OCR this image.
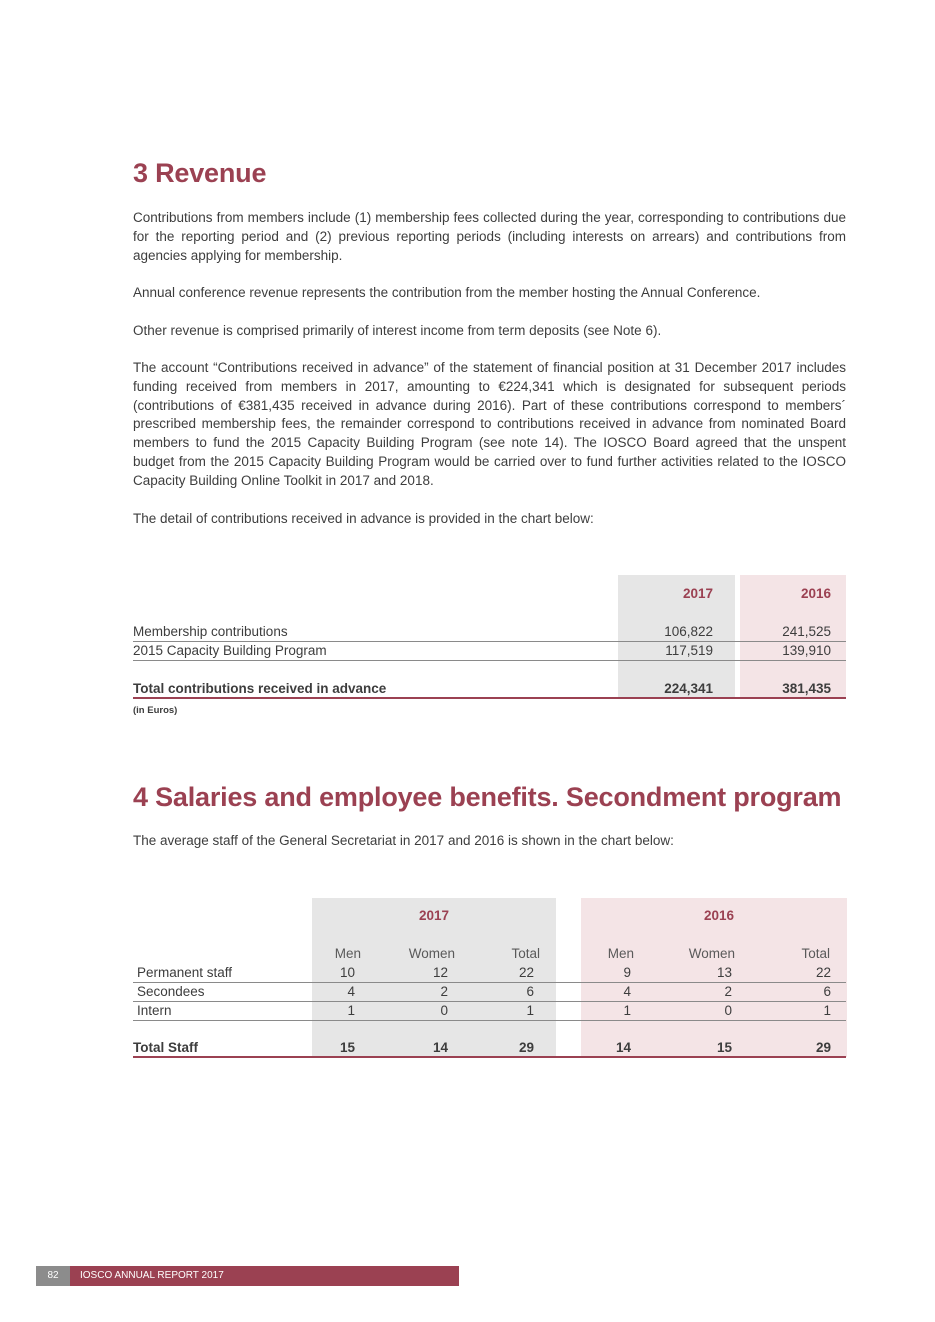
3 Revenue

Contributions from members include (1) membership fees collected during the year, corresponding to contributions due for the reporting period and (2) previous reporting periods (including interests on arrears) and contributions from agencies applying for membership.

Annual conference revenue represents the contribution from the member hosting the Annual Conference.

Other revenue is comprised primarily of interest income from term deposits (see Note 6).

The account “Contributions received in advance” of the statement of financial position at 31 December 2017 includes funding received from members in 2017, amounting to €224,341 which is designated for subsequent periods (contributions of €381,435 received in advance during 2016). Part of these contributions correspond to members´ prescribed membership fees, the remainder correspond to contributions received in advance from nominated Board members to fund the 2015 Capacity Building Program (see note 14). The IOSCO Board agreed that the unspent budget from the 2015 Capacity Building Program would be carried over to fund further activities related to the IOSCO Capacity Building Online Toolkit in 2017 and 2018.

The detail of contributions received in advance is provided in the chart below:

2017	2016
Membership contributions	106,822	241,525
2015 Capacity Building Program	117,519	139,910
Total contributions received in advance	224,341	381,435
(in Euros)
4 Salaries and employee benefits. Secondment program

The average staff of the General Secretariat in 2017 and 2016 is shown in the chart below:

2017	2016
Men	Women	Total	Men	Women	Total
Permanent staff	10	12	22	9	13	22
Secondees	4	2	6	4	2	6
Intern	1	0	1	1	0	1
Total Staff	15	14	29	14	15	29
82	IOSCO ANNUAL REPORT 2017
